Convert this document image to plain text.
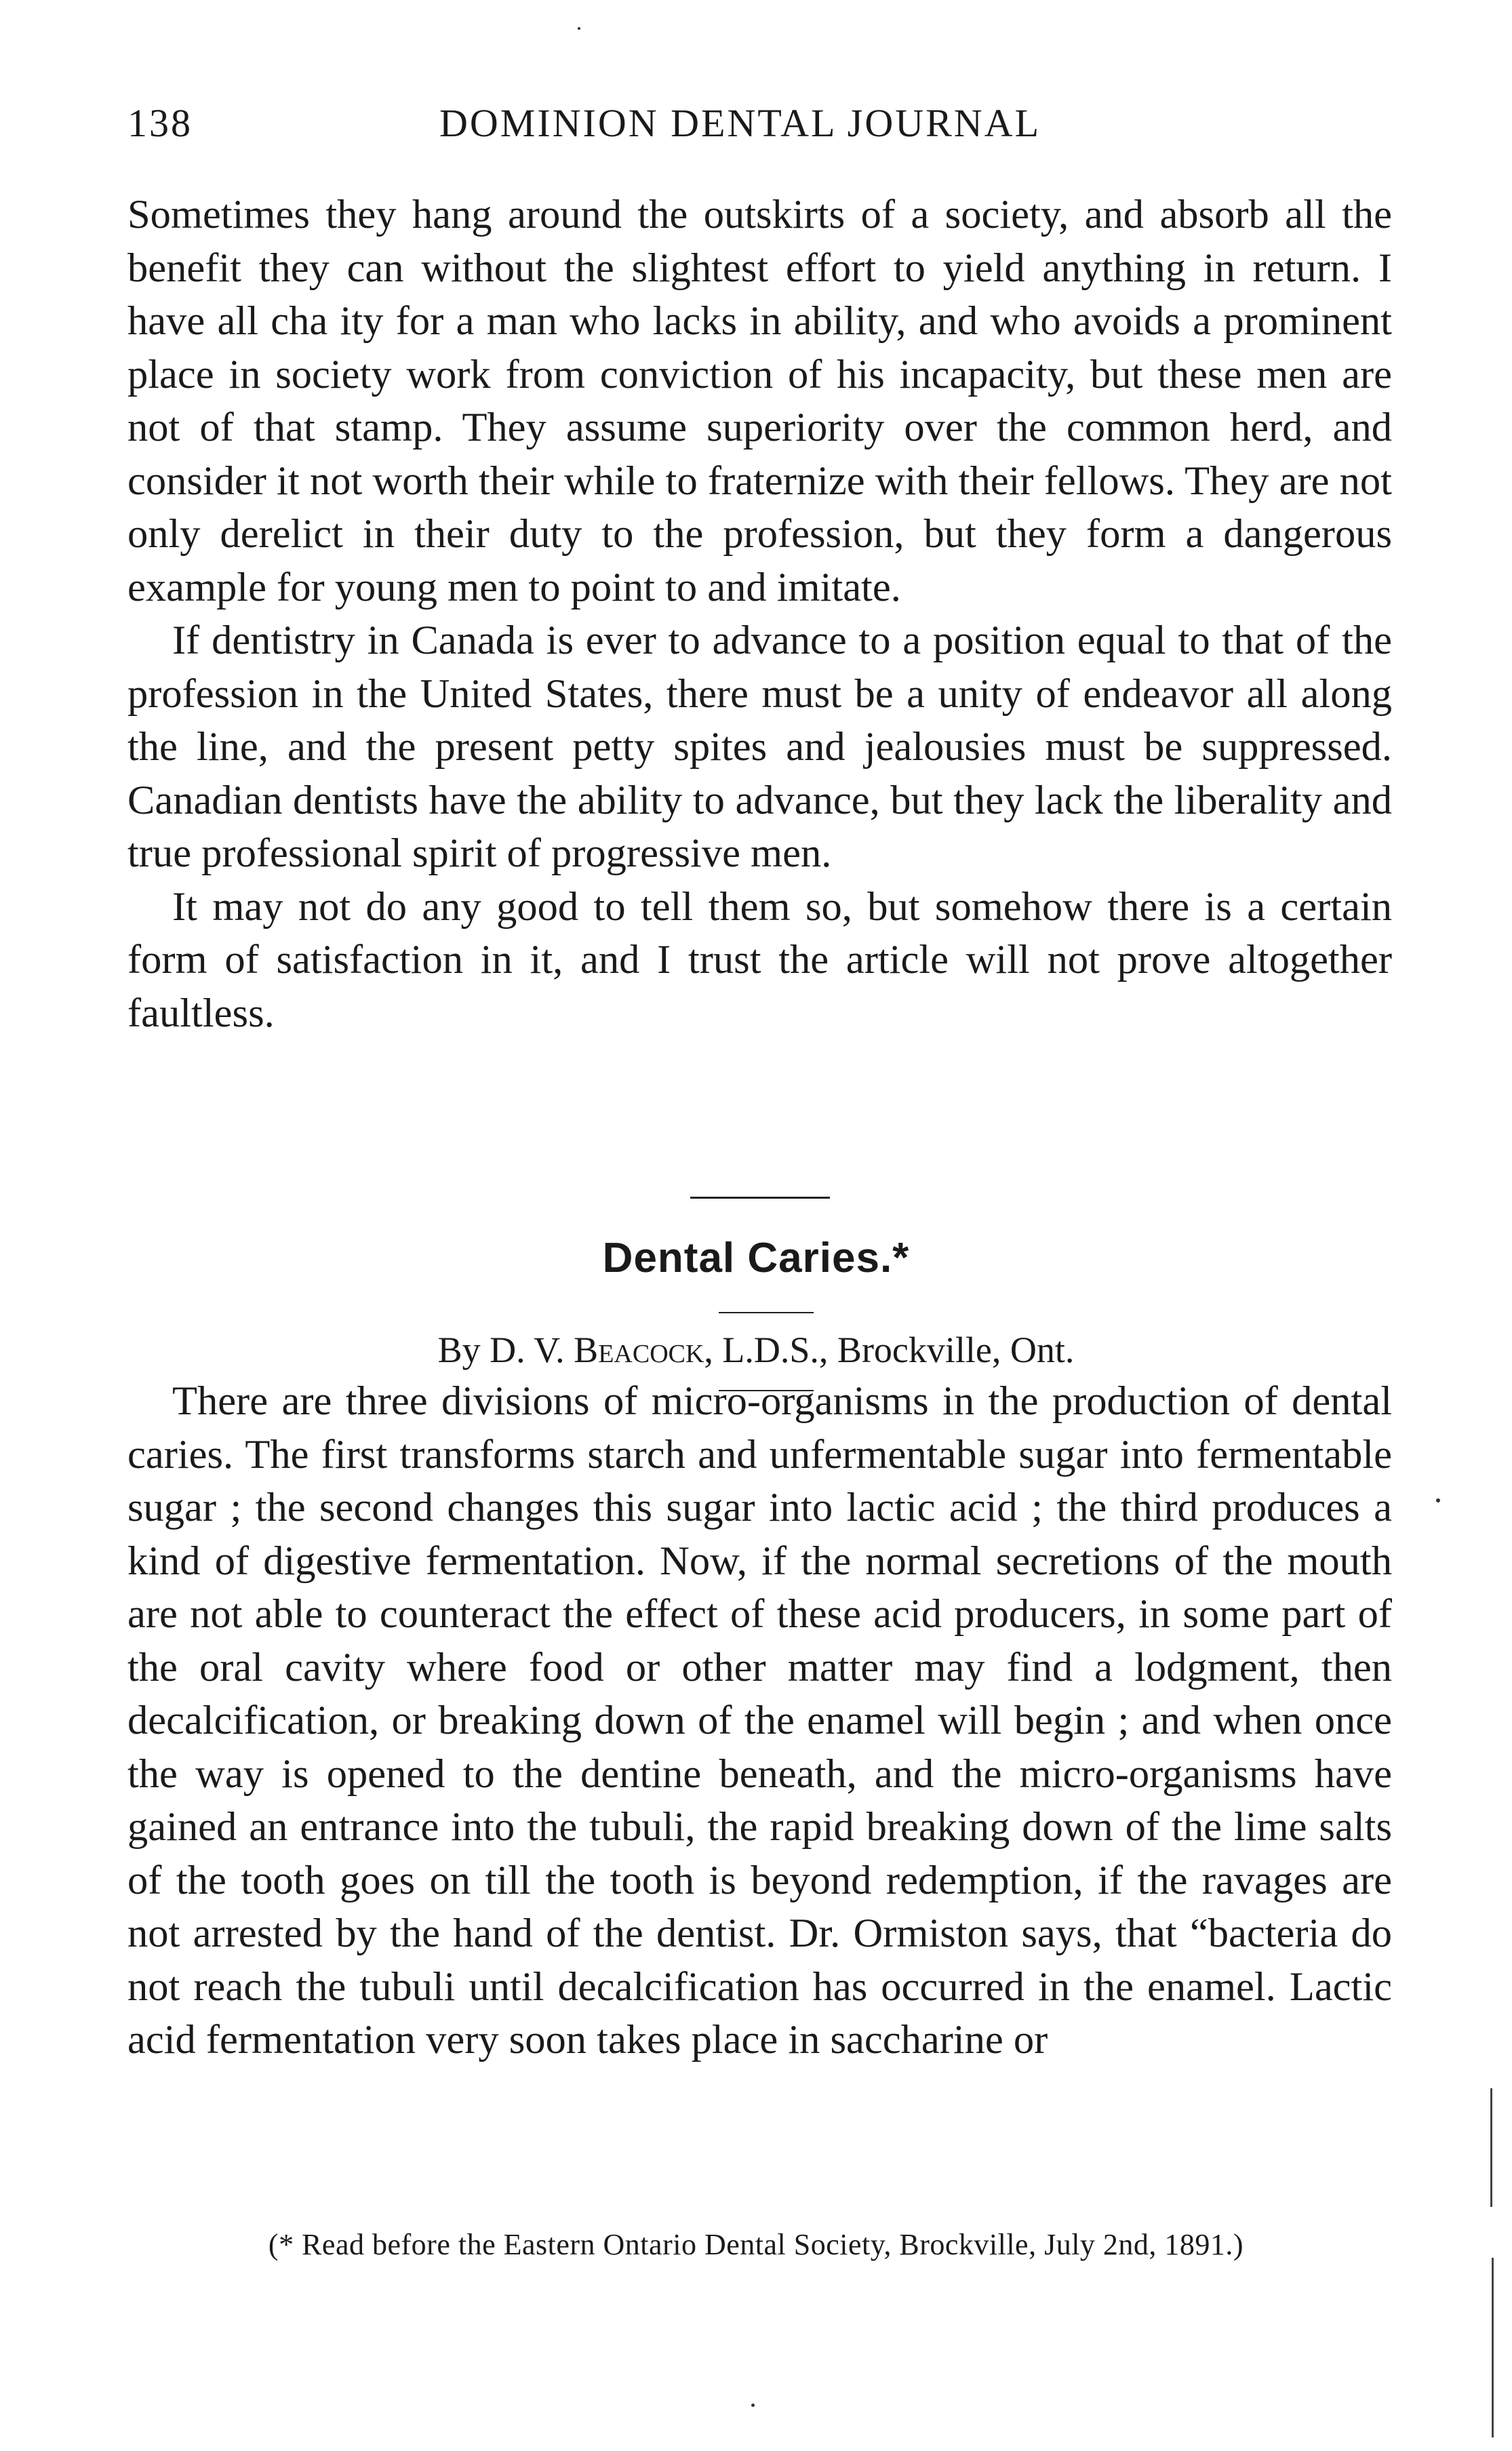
138	DOMINION DENTAL JOURNAL

Sometimes they hang around the outskirts of a society, and absorb all the benefit they can without the slightest effort to yield anything in return. I have all cha ity for a man who lacks in ability, and who avoids a prominent place in society work from conviction of his incapacity, but these men are not of that stamp. They assume superiority over the common herd, and consider it not worth their while to fraternize with their fellows. They are not only derelict in their duty to the profession, but they form a dangerous example for young men to point to and imitate.

If dentistry in Canada is ever to advance to a position equal to that of the profession in the United States, there must be a unity of endeavor all along the line, and the present petty spites and jealousies must be suppressed. Canadian dentists have the ability to advance, but they lack the liberality and true professional spirit of progressive men.

It may not do any good to tell them so, but somehow there is a certain form of satisfaction in it, and I trust the article will not prove altogether faultless.

Dental Caries.*
By D. V. Beacock, L.D.S., Brockville, Ont.

There are three divisions of micro-organisms in the production of dental caries. The first transforms starch and unfermentable sugar into fermentable sugar ; the second changes this sugar into lactic acid ; the third produces a kind of digestive fermentation. Now, if the normal secretions of the mouth are not able to counteract the effect of these acid producers, in some part of the oral cavity where food or other matter may find a lodgment, then decalcification, or breaking down of the enamel will begin ; and when once the way is opened to the dentine beneath, and the micro-organisms have gained an entrance into the tubuli, the rapid breaking down of the lime salts of the tooth goes on till the tooth is beyond redemption, if the ravages are not arrested by the hand of the dentist. Dr. Ormiston says, that “bacteria do not reach the tubuli until decalcification has occurred in the enamel. Lactic acid fermentation very soon takes place in saccharine or

(* Read before the Eastern Ontario Dental Society, Brockville, July 2nd, 1891.)
